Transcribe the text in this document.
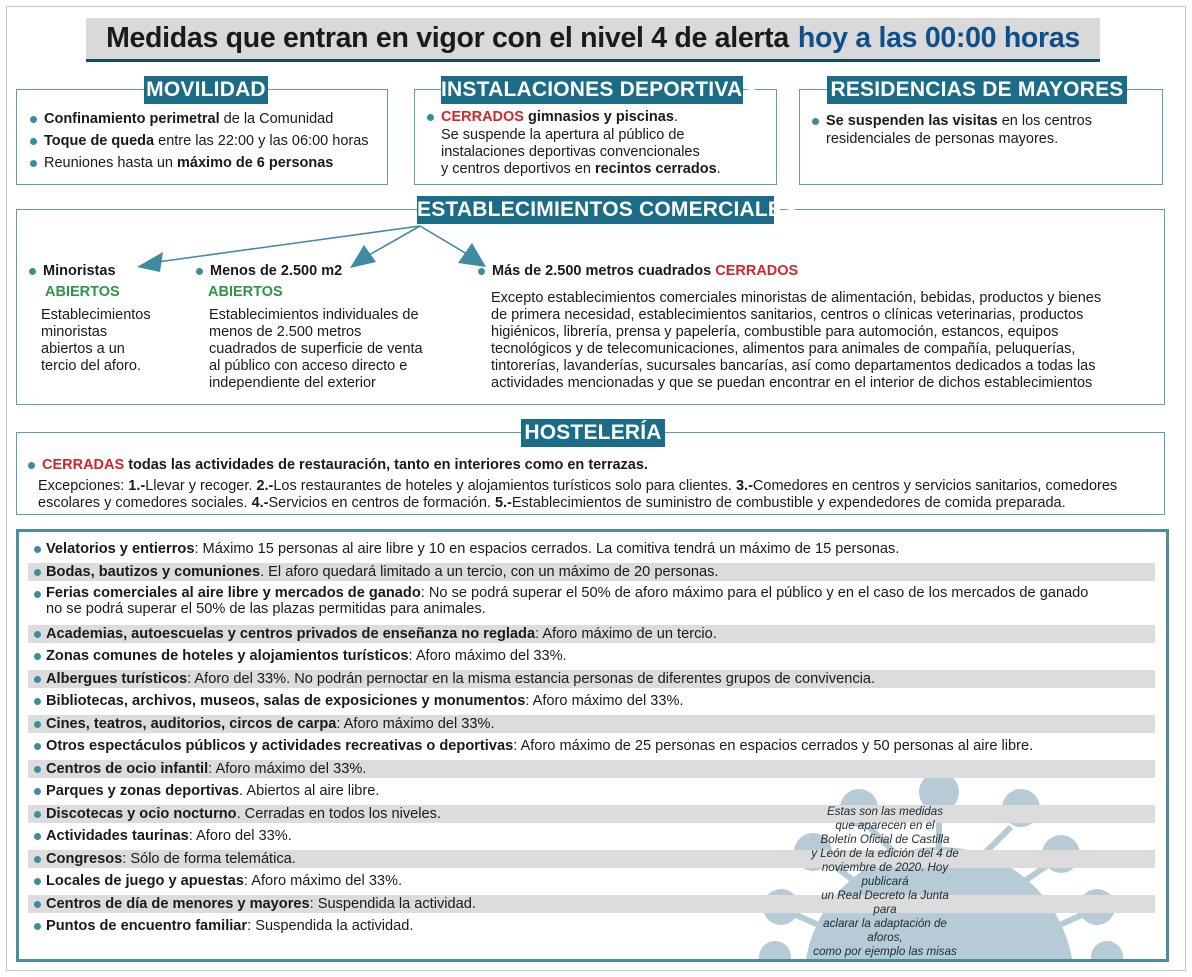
Medidas que entran en vigor con el nivel 4 de alerta hoy a las 00:00 horas
MOVILIDAD
Confinamiento perimetral de la Comunidad
Toque de queda entre las 22:00 y las 06:00 horas
Reuniones hasta un máximo de 6 personas
INSTALACIONES DEPORTIVAS
CERRADOS gimnasios y piscinas.
Se suspende la apertura al público de
instalaciones deportivas convencionales
y centros deportivos en recintos cerrados.
RESIDENCIAS DE MAYORES
Se suspenden las visitas en los centros
residenciales de personas mayores.
ESTABLECIMIENTOS COMERCIALES
Minoristas
ABIERTOS
Establecimientos
minoristas
abiertos a un
tercio del aforo.
Menos de 2.500 m2
ABIERTOS
Establecimientos individuales de
menos de 2.500 metros
cuadrados de superficie de venta
al público con acceso directo e
independiente del exterior
Más de 2.500 metros cuadrados CERRADOS
Excepto establecimientos comerciales minoristas de alimentación, bebidas, productos y bienes
de primera necesidad, establecimientos sanitarios, centros o clínicas veterinarias, productos
higiénicos, librería, prensa y papelería, combustible para automoción, estancos, equipos
tecnológicos y de telecomunicaciones, alimentos para animales de compañía, peluquerías,
tintorerías, lavanderías, sucursales bancarías, así como departamentos dedicados a todas las
actividades mencionadas y que se puedan encontrar en el interior de dichos establecimientos
HOSTELERÍA
CERRADAS todas las actividades de restauración, tanto en interiores como en terrazas.
Excepciones: 1.-Llevar y recoger. 2.-Los restaurantes de hoteles y alojamientos turísticos solo para clientes. 3.-Comedores en centros y servicios sanitarios, comedores
escolares y comedores sociales. 4.-Servicios en centros de formación. 5.-Establecimientos de suministro de combustible y expendedores de comida preparada.
Velatorios y entierros: Máximo 15 personas al aire libre y 10 en espacios cerrados. La comitiva tendrá un máximo de 15 personas.
Bodas, bautizos y comuniones. El aforo quedará limitado a un tercio, con un máximo de 20 personas.
Ferias comerciales al aire libre y mercados de ganado: No se podrá superar el 50% de aforo máximo para el público y en el caso de los mercados de ganado
no se podrá superar el 50% de las plazas permitidas para animales.
Academias, autoescuelas y centros privados de enseñanza no reglada: Aforo máximo de un tercio.
Zonas comunes de hoteles y alojamientos turísticos: Aforo máximo del 33%.
Albergues turísticos: Aforo del 33%. No podrán pernoctar en la misma estancia personas de diferentes grupos de convivencia.
Bibliotecas, archivos, museos, salas de exposiciones y monumentos: Aforo máximo del 33%.
Cines, teatros, auditorios, circos de carpa: Aforo máximo del 33%.
Otros espectáculos públicos y actividades recreativas o deportivas: Aforo máximo de 25 personas en espacios cerrados y 50 personas al aire libre.
Centros de ocio infantil: Aforo máximo del 33%.
Parques y zonas deportivas. Abiertos al aire libre.
Discotecas y ocio nocturno. Cerradas en todos los niveles.
Actividades taurinas: Aforo del 33%.
Congresos: Sólo de forma telemática.
Locales de juego y apuestas: Aforo máximo del 33%.
Centros de día de menores y mayores: Suspendida la actividad.
Puntos de encuentro familiar: Suspendida la actividad.
Estas son las medidas
que aparecen en el
Boletín Oficial de Castilla
y León de la edición del 4 de
noviembre de 2020. Hoy publicará
un Real Decreto la Junta para
aclarar la adaptación de aforos,
como por ejemplo las misas
